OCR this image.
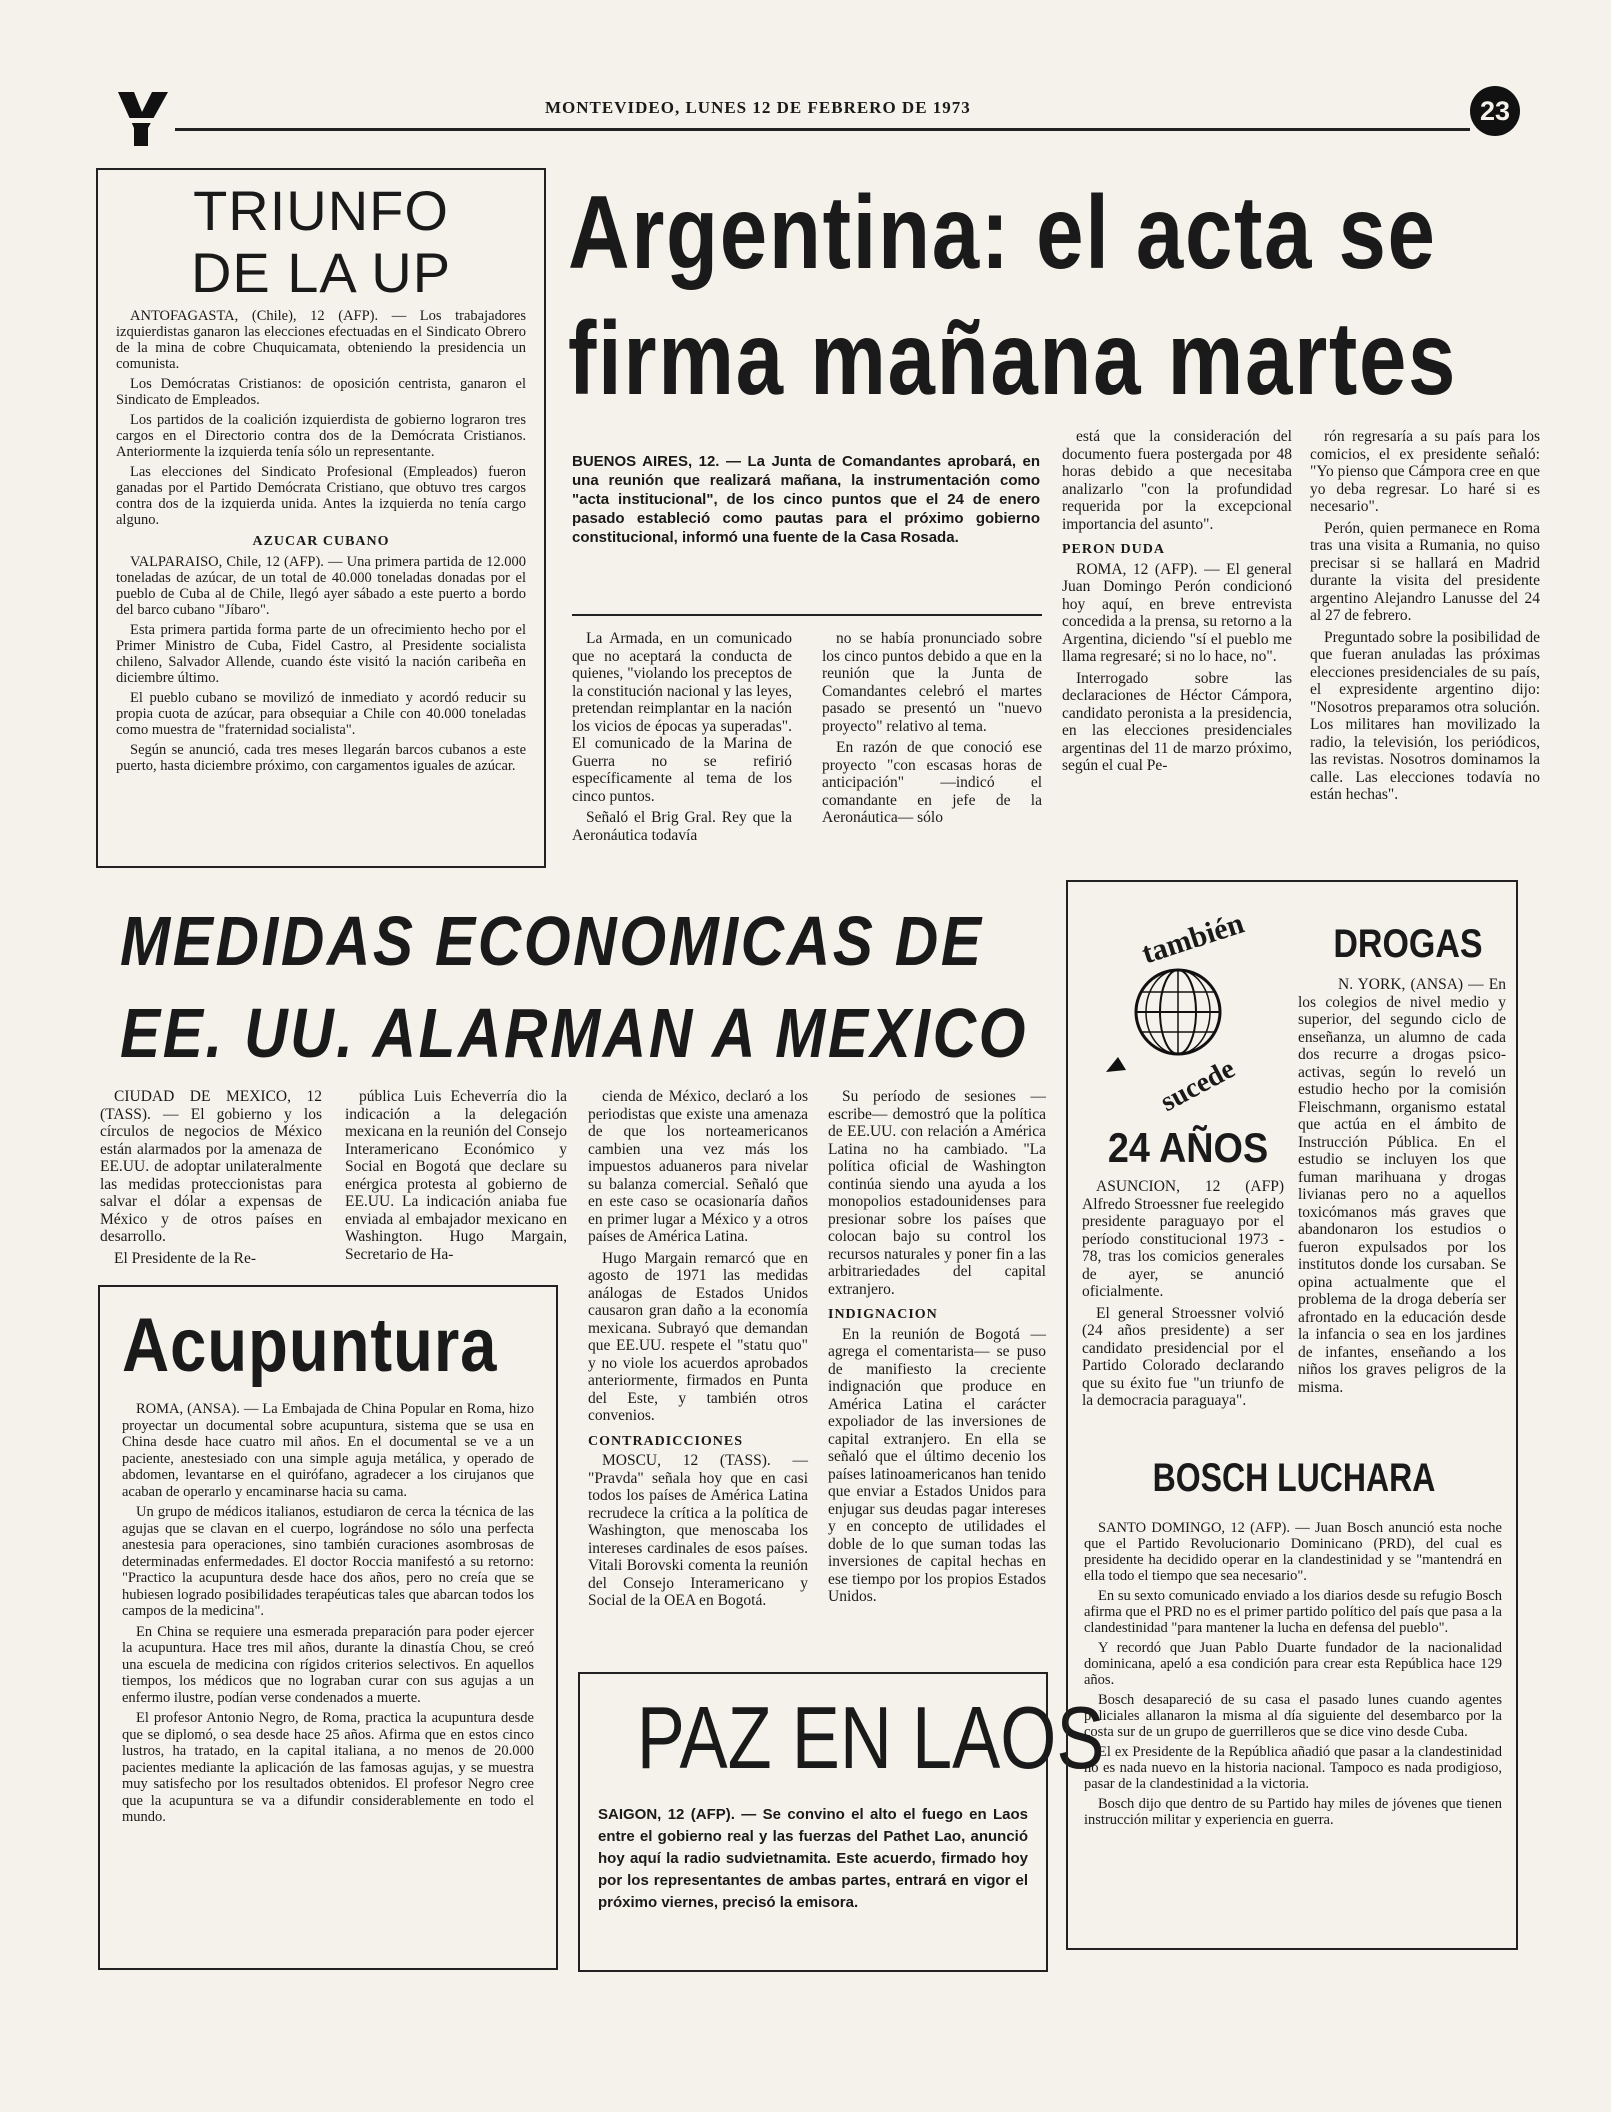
MONTEVIDEO, LUNES 12 DE FEBRERO DE 1973	23
TRIUNFO
DE LA UP

ANTOFAGASTA, (Chile), 12 (AFP). — Los trabajadores izquierdistas ganaron las elecciones efectuadas en el Sindicato Obrero de la mina de cobre Chuquicamata, obteniendo la presidencia un comunista.

Los Demócratas Cristianos: de oposición centrista, ganaron el Sindicato de Empleados.

Los partidos de la coalición izquierdista de gobierno lograron tres cargos en el Directorio contra dos de la Demócrata Cristianos. Anteriormente la izquierda tenía sólo un representante.

Las elecciones del Sindicato Profesional (Empleados) fueron ganadas por el Partido Demócrata Cristiano, que obtuvo tres cargos contra dos de la izquierda unida. Antes la izquierda no tenía cargo alguno.

AZUCAR CUBANO

VALPARAISO, Chile, 12 (AFP). — Una primera partida de 12.000 toneladas de azúcar, de un total de 40.000 toneladas donadas por el pueblo de Cuba al de Chile, llegó ayer sábado a este puerto a bordo del barco cubano "Jíbaro".

Esta primera partida forma parte de un ofrecimiento hecho por el Primer Ministro de Cuba, Fidel Castro, al Presidente socialista chileno, Salvador Allende, cuando éste visitó la nación caribeña en diciembre último.

El pueblo cubano se movilizó de inmediato y acordó reducir su propia cuota de azúcar, para obsequiar a Chile con 40.000 toneladas como muestra de "fraternidad socialista".

Según se anunció, cada tres meses llegarán barcos cubanos a este puerto, hasta diciembre próximo, con cargamentos iguales de azúcar.

Argentina: el acta se
firma mañana martes
BUENOS AIRES, 12. — La Junta de Comandantes aprobará, en una reunión que realizará mañana, la instrumentación como "acta institucional", de los cinco puntos que el 24 de enero pasado estableció como pautas para el próximo gobierno constitucional, informó una fuente de la Casa Rosada.

La Armada, en un comunicado que no aceptará la conducta de quienes, "violando los preceptos de la constitución nacional y las leyes, pretendan reimplantar en la nación los vicios de épocas ya superadas". El comunicado de la Marina de Guerra no se refirió específicamente al tema de los cinco puntos.

Señaló el Brig Gral. Rey que la Aeronáutica todavía

no se había pronunciado sobre los cinco puntos debido a que en la reunión que la Junta de Comandantes celebró el martes pasado se presentó un "nuevo proyecto" relativo al tema.

En razón de que conoció ese proyecto "con escasas horas de anticipación" —indicó el comandante en jefe de la Aeronáutica— sólo

está que la consideración del documento fuera postergada por 48 horas debido a que necesitaba analizarlo "con la profundidad requerida por la excepcional importancia del asunto".

PERON DUDA

ROMA, 12 (AFP). — El general Juan Domingo Perón condicionó hoy aquí, en breve entrevista concedida a la prensa, su retorno a la Argentina, diciendo "sí el pueblo me llama regresaré; si no lo hace, no".

Interrogado sobre las declaraciones de Héctor Cámpora, candidato peronista a la presidencia, en las elecciones presidenciales argentinas del 11 de marzo próximo, según el cual Pe-

rón regresaría a su país para los comicios, el ex presidente señaló: "Yo pienso que Cámpora cree en que yo deba regresar. Lo haré si es necesario".

Perón, quien permanece en Roma tras una visita a Rumania, no quiso precisar si se hallará en Madrid durante la visita del presidente argentino Alejandro Lanusse del 24 al 27 de febrero.

Preguntado sobre la posibilidad de que fueran anuladas las próximas elecciones presidenciales de su país, el expresidente argentino dijo: "Nosotros preparamos otra solución. Los militares han movilizado la radio, la televisión, los periódicos, las revistas. Nosotros dominamos la calle. Las elecciones todavía no están hechas".

MEDIDAS ECONOMICAS DE
EE. UU. ALARMAN A MEXICO

CIUDAD DE MEXICO, 12 (TASS). — El gobierno y los círculos de negocios de México están alarmados por la amenaza de EE.UU. de adoptar unilateralmente las medidas proteccionistas para salvar el dólar a expensas de México y de otros países en desarrollo.

El Presidente de la Re-

pública Luis Echeverría dio la indicación a la delegación mexicana en la reunión del Consejo Interamericano Económico y Social en Bogotá que declare su enérgica protesta al gobierno de EE.UU. La indicación aniaba fue enviada al embajador mexicano en Washington. Hugo Margain, Secretario de Ha-

cienda de México, declaró a los periodistas que existe una amenaza de que los norteamericanos cambien una vez más los impuestos aduaneros para nivelar su balanza comercial. Señaló que en este caso se ocasionaría daños en primer lugar a México y a otros países de América Latina.

Hugo Margain remarcó que en agosto de 1971 las medidas análogas de Estados Unidos causaron gran daño a la economía mexicana. Subrayó que demandan que EE.UU. respete el "statu quo" y no viole los acuerdos aprobados anteriormente, firmados en Punta del Este, y también otros convenios.

CONTRADICCIONES

MOSCU, 12 (TASS). — "Pravda" señala hoy que en casi todos los países de América Latina recrudece la crítica a la política de Washington, que menoscaba los intereses cardinales de esos países. Vitali Borovski comenta la reunión del Consejo Interamericano y Social de la OEA en Bogotá.

Su período de sesiones —escribe— demostró que la política de EE.UU. con relación a América Latina no ha cambiado. "La política oficial de Washington continúa siendo una ayuda a los monopolios estadounidenses para presionar sobre los países que colocan bajo su control los recursos naturales y poner fin a las arbitrariedades del capital extranjero.

INDIGNACION

En la reunión de Bogotá —agrega el comentarista— se puso de manifiesto la creciente indignación que produce en América Latina el carácter expoliador de las inversiones de capital extranjero. En ella se señaló que el último decenio los países latinoamericanos han tenido que enviar a Estados Unidos para enjugar sus deudas pagar intereses y en concepto de utilidades el doble de lo que suman todas las inversiones de capital hechas en ese tiempo por los propios Estados Unidos.

Acupuntura

ROMA, (ANSA). — La Embajada de China Popular en Roma, hizo proyectar un documental sobre acupuntura, sistema que se usa en China desde hace cuatro mil años. En el documental se ve a un paciente, anestesiado con una simple aguja metálica, y operado de abdomen, levantarse en el quirófano, agradecer a los cirujanos que acaban de operarlo y encaminarse hacia su cama.

Un grupo de médicos italianos, estudiaron de cerca la técnica de las agujas que se clavan en el cuerpo, lográndose no sólo una perfecta anestesia para operaciones, sino también curaciones asombrosas de determinadas enfermedades. El doctor Roccia manifestó a su retorno: "Practico la acupuntura desde hace dos años, pero no creía que se hubiesen logrado posibilidades terapéuticas tales que abarcan todos los campos de la medicina".

En China se requiere una esmerada preparación para poder ejercer la acupuntura. Hace tres mil años, durante la dinastía Chou, se creó una escuela de medicina con rígidos criterios selectivos. En aquellos tiempos, los médicos que no lograban curar con sus agujas a un enfermo ilustre, podían verse condenados a muerte.

El profesor Antonio Negro, de Roma, practica la acupuntura desde que se diplomó, o sea desde hace 25 años. Afirma que en estos cinco lustros, ha tratado, en la capital italiana, a no menos de 20.000 pacientes mediante la aplicación de las famosas agujas, y se muestra muy satisfecho por los resultados obtenidos. El profesor Negro cree que la acupuntura se va a difundir considerablemente en todo el mundo.

PAZ EN LAOS
SAIGON, 12 (AFP). — Se convino el alto el fuego en Laos entre el gobierno real y las fuerzas del Pathet Lao, anunció hoy aquí la radio sudvietnamita. Este acuerdo, firmado hoy por los representantes de ambas partes, entrará en vigor el próximo viernes, precisó la emisora.
también
sucede
DROGAS

N. YORK, (ANSA) — En los colegios de nivel medio y superior, del segundo ciclo de enseñanza, un alumno de cada dos recurre a drogas psico-activas, según lo reveló un estudio hecho por la comisión Fleischmann, organismo estatal que actúa en el ámbito de Instrucción Pública. En el estudio se incluyen los que fuman marihuana y drogas livianas pero no a aquellos toxicómanos más graves que abandonaron los estudios o fueron expulsados por los institutos donde los cursaban. Se opina actualmente que el problema de la droga debería ser afrontado en la educación desde la infancia o sea en los jardines de infantes, enseñando a los niños los graves peligros de la misma.

24 AÑOS

ASUNCION, 12 (AFP) Alfredo Stroessner fue reelegido presidente paraguayo por el período constitucional 1973 - 78, tras los comicios generales de ayer, se anunció oficialmente.

El general Stroessner volvió (24 años presidente) a ser candidato presidencial por el Partido Colorado declarando que su éxito fue "un triunfo de la democracia paraguaya".

BOSCH LUCHARA

SANTO DOMINGO, 12 (AFP). — Juan Bosch anunció esta noche que el Partido Revolucionario Dominicano (PRD), del cual es presidente ha decidido operar en la clandestinidad y se "mantendrá en ella todo el tiempo que sea necesario".

En su sexto comunicado enviado a los diarios desde su refugio Bosch afirma que el PRD no es el primer partido político del país que pasa a la clandestinidad "para mantener la lucha en defensa del pueblo".

Y recordó que Juan Pablo Duarte fundador de la nacionalidad dominicana, apeló a esa condición para crear esta República hace 129 años.

Bosch desapareció de su casa el pasado lunes cuando agentes policiales allanaron la misma al día siguiente del desembarco por la costa sur de un grupo de guerrilleros que se dice vino desde Cuba.

El ex Presidente de la República añadió que pasar a la clandestinidad no es nada nuevo en la historia nacional. Tampoco es nada prodigioso, pasar de la clandestinidad a la victoria.

Bosch dijo que dentro de su Partido hay miles de jóvenes que tienen instrucción militar y experiencia en guerra.
